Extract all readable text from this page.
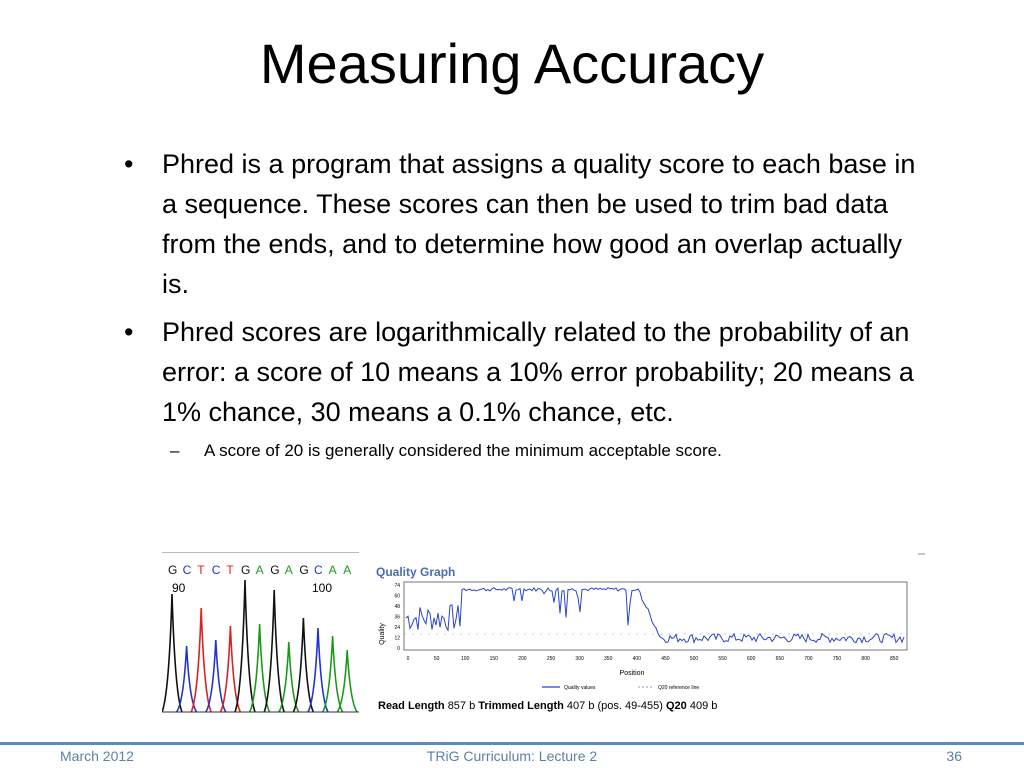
Measuring Accuracy
• Phred is a program that assigns a quality score to each base in a sequence. These scores can then be used to trim bad data from the ends, and to determine how good an overlap actually is.
• Phred scores are logarithmically related to the probability of an error: a score of 10 means a 10% error probability; 20 means a 1% chance, 30 means a 0.1% chance, etc.
– A score of 20 is generally considered the minimum acceptable score.
G C T C T G A G A G C A A
90	100
Quality Graph
Quality
74
60
48
36
24
12
0
0	50	100	150	200	250	300	350	400	450	500	550	600	650	700	750	800	850
Position
Quality values	Q20 reference line
Read Length 857 b Trimmed Length 407 b (pos. 49-455) Q20 409 b
March 2012	TRiG Curriculum: Lecture 2	36
